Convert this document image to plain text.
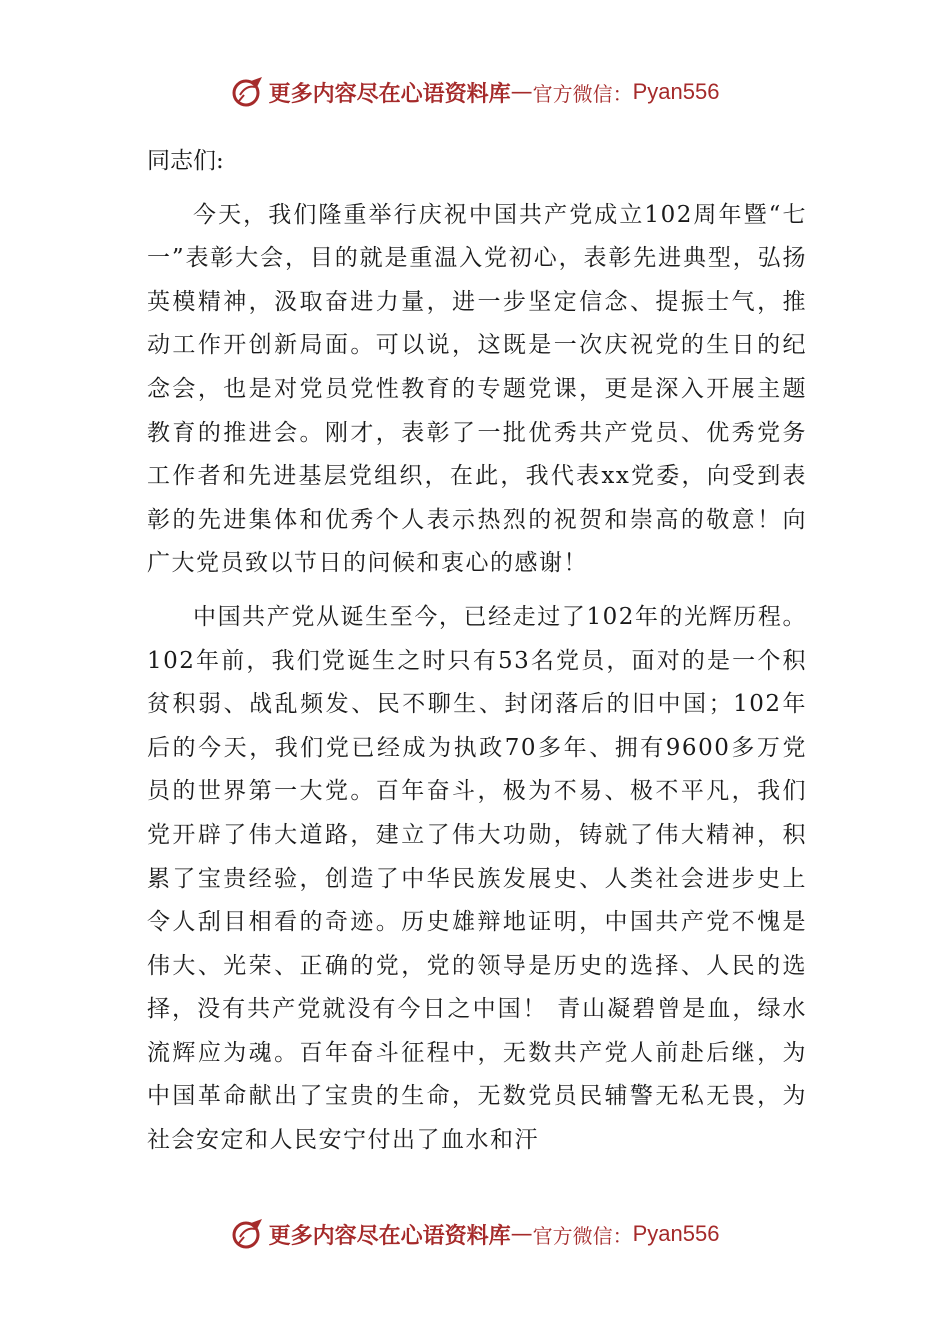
更多内容尽在心语资料库 — 官方微信： Pyan556

同志们:

今天，我们隆重举行庆祝中国共产党成立102周年暨“七一”表彰大会，目的就是重温入党初心，表彰先进典型，弘扬英模精神，汲取奋进力量，进一步坚定信念、提振士气，推动工作开创新局面。可以说，这既是一次庆祝党的生日的纪念会，也是对党员党性教育的专题党课，更是深入开展主题教育的推进会。刚才，表彰了一批优秀共产党员、优秀党务工作者和先进基层党组织，在此，我代表xx党委，向受到表彰的先进集体和优秀个人表示热烈的祝贺和崇高的敬意！向广大党员致以节日的问候和衷心的感谢！

中国共产党从诞生至今，已经走过了102年的光辉历程。102年前，我们党诞生之时只有53名党员，面对的是一个积贫积弱、战乱频发、民不聊生、封闭落后的旧中国；102年后的今天，我们党已经成为执政70多年、拥有9600多万党员的世界第一大党。百年奋斗，极为不易、极不平凡，我们党开辟了伟大道路，建立了伟大功勋，铸就了伟大精神，积累了宝贵经验，创造了中华民族发展史、人类社会进步史上令人刮目相看的奇迹。历史雄辩地证明，中国共产党不愧是伟大、光荣、正确的党，党的领导是历史的选择、人民的选择，没有共产党就没有今日之中国！ 青山凝碧曾是血，绿水流辉应为魂。百年奋斗征程中，无数共产党人前赴后继，为中国革命献出了宝贵的生命，无数党员民辅警无私无畏，为社会安定和人民安宁付出了血水和汗

更多内容尽在心语资料库 — 官方微信： Pyan556
